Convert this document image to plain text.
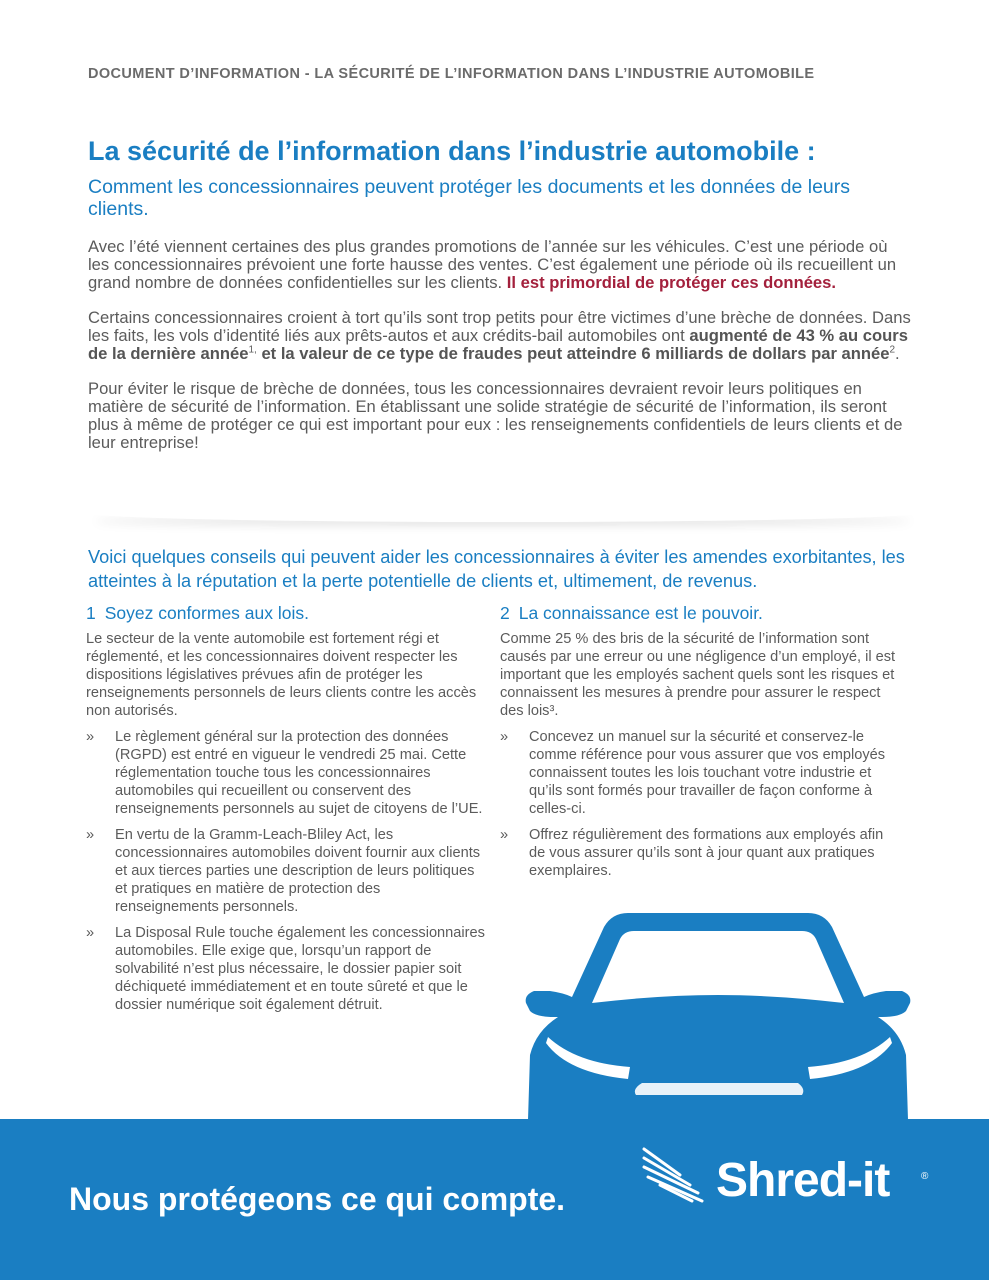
DOCUMENT D’INFORMATION - LA SÉCURITÉ DE L’INFORMATION DANS L’INDUSTRIE AUTOMOBILE
La sécurité de l’information dans l’industrie automobile :

Comment les concessionnaires peuvent protéger les documents et les données de leurs clients.

Avec l’été viennent certaines des plus grandes promotions de l’année sur les véhicules. C’est une période où les concessionnaires prévoient une forte hausse des ventes. C’est également une période où ils recueillent un grand nombre de données confidentielles sur les clients. Il est primordial de protéger ces données.

Certains concessionnaires croient à tort qu’ils sont trop petits pour être victimes d’une brèche de données. Dans les faits, les vols d’identité liés aux prêts-autos et aux crédits-bail automobiles ont augmenté de 43 % au cours de la dernière année$^{1,}$ et la valeur de ce type de fraudes peut atteindre 6 milliards de dollars par année$^2$.

Pour éviter le risque de brèche de données, tous les concessionnaires devraient revoir leurs politiques en matière de sécurité de l’information. En établissant une solide stratégie de sécurité de l’information, ils seront plus à même de protéger ce qui est important pour eux : les renseignements confidentiels de leurs clients et de leur entreprise!

Voici quelques conseils qui peuvent aider les concessionnaires à éviter les amendes exorbitantes, les atteintes à la réputation et la perte potentielle de clients et, ultimement, de revenus.
1 Soyez conformes aux lois.

Le secteur de la vente automobile est fortement régi et réglementé, et les concessionnaires doivent respecter les dispositions législatives prévues afin de protéger les renseignements personnels de leurs clients contre les accès non autorisés.

» Le règlement général sur la protection des données (RGPD) est entré en vigueur le vendredi 25 mai. Cette réglementation touche tous les concessionnaires automobiles qui recueillent ou conservent des renseignements personnels au sujet de citoyens de l’UE.
» En vertu de la Gramm-Leach-Bliley Act, les concessionnaires automobiles doivent fournir aux clients et aux tierces parties une description de leurs politiques et pratiques en matière de protection des renseignements personnels.
» La Disposal Rule touche également les concessionnaires automobiles. Elle exige que, lorsqu’un rapport de solvabilité n’est plus nécessaire, le dossier papier soit déchiqueté immédiatement et en toute sûreté et que le dossier numérique soit également détruit.
2 La connaissance est le pouvoir.

Comme 25 % des bris de la sécurité de l’information sont causés par une erreur ou une négligence d’un employé, il est important que les employés sachent quels sont les risques et connaissent les mesures à prendre pour assurer le respect des lois³.

» Concevez un manuel sur la sécurité et conservez-le comme référence pour vous assurer que vos employés connaissent toutes les lois touchant votre industrie et qu’ils sont formés pour travailler de façon conforme à celles-ci.
» Offrez régulièrement des formations aux employés afin de vous assurer qu’ils sont à jour quant aux pratiques exemplaires.
Nous protégeons ce qui compte.	Shred-it	®
